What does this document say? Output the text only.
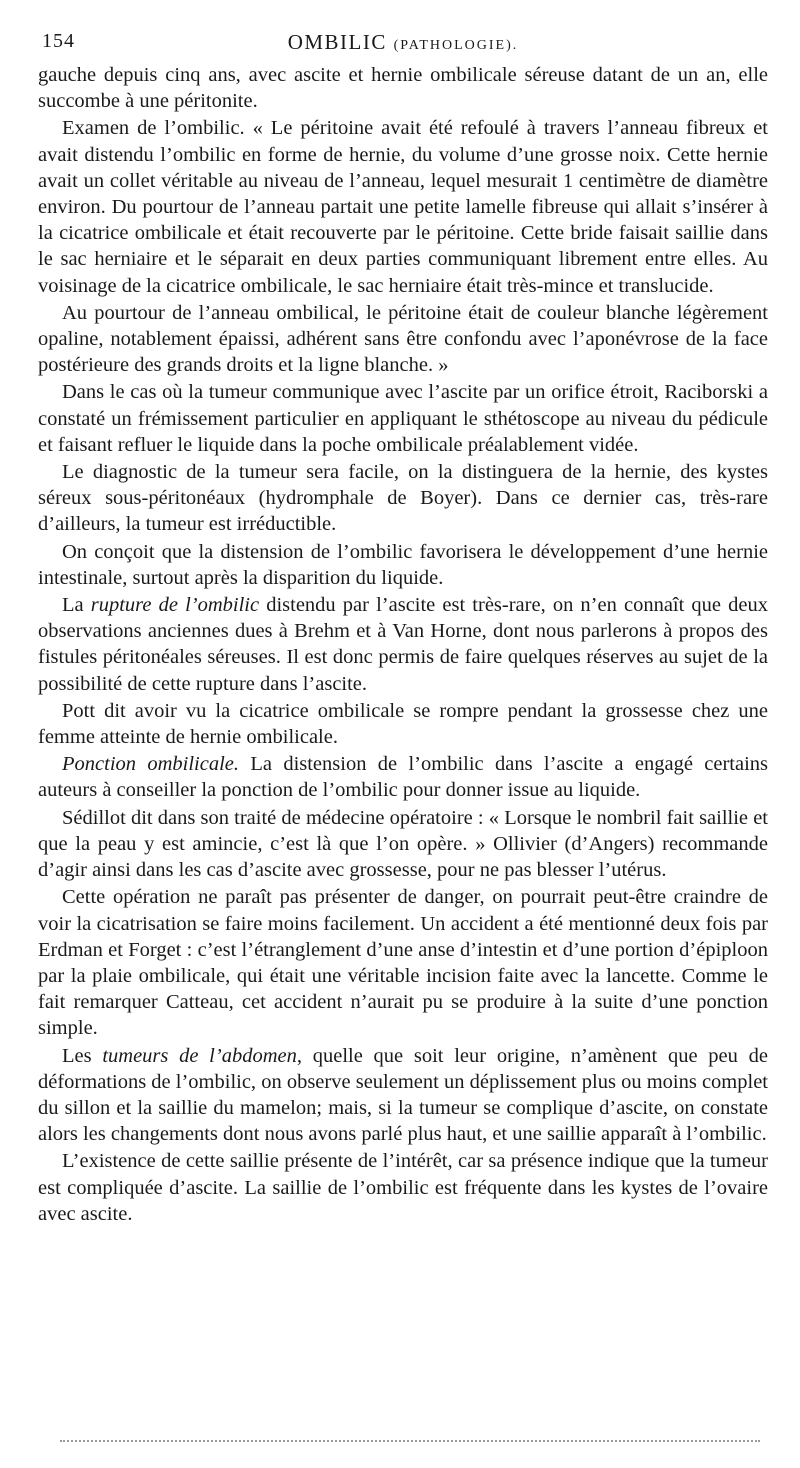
154	OMBILIC (PATHOLOGIE).

gauche depuis cinq ans, avec ascite et hernie ombilicale séreuse datant de un an, elle succombe à une péritonite.

Examen de l’ombilic. « Le péritoine avait été refoulé à travers l’anneau fibreux et avait distendu l’ombilic en forme de hernie, du volume d’une grosse noix. Cette hernie avait un collet véritable au niveau de l’anneau, lequel mesurait 1 centimètre de diamètre environ. Du pourtour de l’anneau partait une petite lamelle fibreuse qui allait s’insérer à la cicatrice ombilicale et était recouverte par le péritoine. Cette bride faisait saillie dans le sac herniaire et le séparait en deux parties communiquant librement entre elles. Au voisinage de la cicatrice ombilicale, le sac herniaire était très-mince et translucide.

Au pourtour de l’anneau ombilical, le péritoine était de couleur blanche légèrement opaline, notablement épaissi, adhérent sans être confondu avec l’aponévrose de la face postérieure des grands droits et la ligne blanche. »

Dans le cas où la tumeur communique avec l’ascite par un orifice étroit, Raciborski a constaté un frémissement particulier en appliquant le sthétoscope au niveau du pédicule et faisant refluer le liquide dans la poche ombilicale préalablement vidée.

Le diagnostic de la tumeur sera facile, on la distinguera de la hernie, des kystes séreux sous-péritonéaux (hydromphale de Boyer). Dans ce dernier cas, très-rare d’ailleurs, la tumeur est irréductible.

On conçoit que la distension de l’ombilic favorisera le développement d’une hernie intestinale, surtout après la disparition du liquide.

La rupture de l’ombilic distendu par l’ascite est très-rare, on n’en connaît que deux observations anciennes dues à Brehm et à Van Horne, dont nous parlerons à propos des fistules péritonéales séreuses. Il est donc permis de faire quelques réserves au sujet de la possibilité de cette rupture dans l’ascite.

Pott dit avoir vu la cicatrice ombilicale se rompre pendant la grossesse chez une femme atteinte de hernie ombilicale.

Ponction ombilicale. La distension de l’ombilic dans l’ascite a engagé certains auteurs à conseiller la ponction de l’ombilic pour donner issue au liquide.

Sédillot dit dans son traité de médecine opératoire : « Lorsque le nombril fait saillie et que la peau y est amincie, c’est là que l’on opère. » Ollivier (d’Angers) recommande d’agir ainsi dans les cas d’ascite avec grossesse, pour ne pas blesser l’utérus.

Cette opération ne paraît pas présenter de danger, on pourrait peut-être craindre de voir la cicatrisation se faire moins facilement. Un accident a été mentionné deux fois par Erdman et Forget : c’est l’étranglement d’une anse d’intestin et d’une portion d’épiploon par la plaie ombilicale, qui était une véritable incision faite avec la lancette. Comme le fait remarquer Catteau, cet accident n’aurait pu se produire à la suite d’une ponction simple.

Les tumeurs de l’abdomen, quelle que soit leur origine, n’amènent que peu de déformations de l’ombilic, on observe seulement un déplissement plus ou moins complet du sillon et la saillie du mamelon; mais, si la tumeur se complique d’ascite, on constate alors les changements dont nous avons parlé plus haut, et une saillie apparaît à l’ombilic.

L’existence de cette saillie présente de l’intérêt, car sa présence indique que la tumeur est compliquée d’ascite. La saillie de l’ombilic est fréquente dans les kystes de l’ovaire avec ascite.
